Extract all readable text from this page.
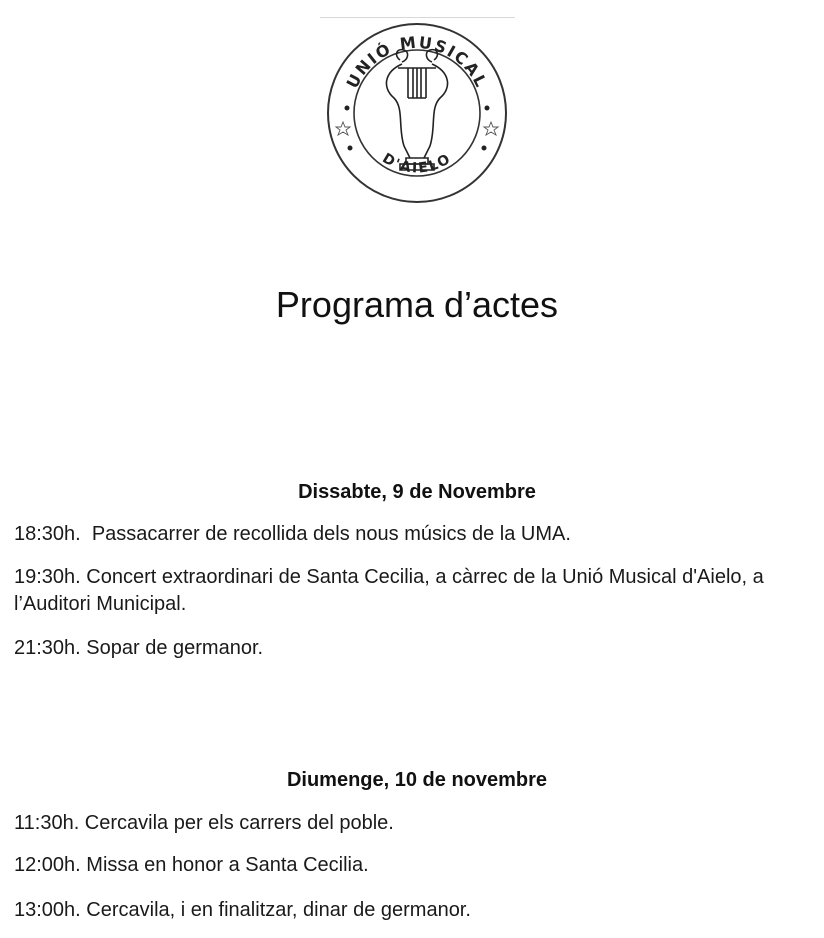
UNIÓ MUSICAL
D'AIELO
Programa d’actes
Dissabte, 9 de Novembre
18:30h.  Passacarrer de recollida dels nous músics de la UMA.
19:30h. Concert extraordinari de Santa Cecilia, a càrrec de la Unió Musical d'Aielo, a l’Auditori Municipal.
21:30h. Sopar de germanor.
Diumenge, 10 de novembre
11:30h. Cercavila per els carrers del poble.
12:00h. Missa en honor a Santa Cecilia.
13:00h. Cercavila, i en finalitzar, dinar de germanor.
